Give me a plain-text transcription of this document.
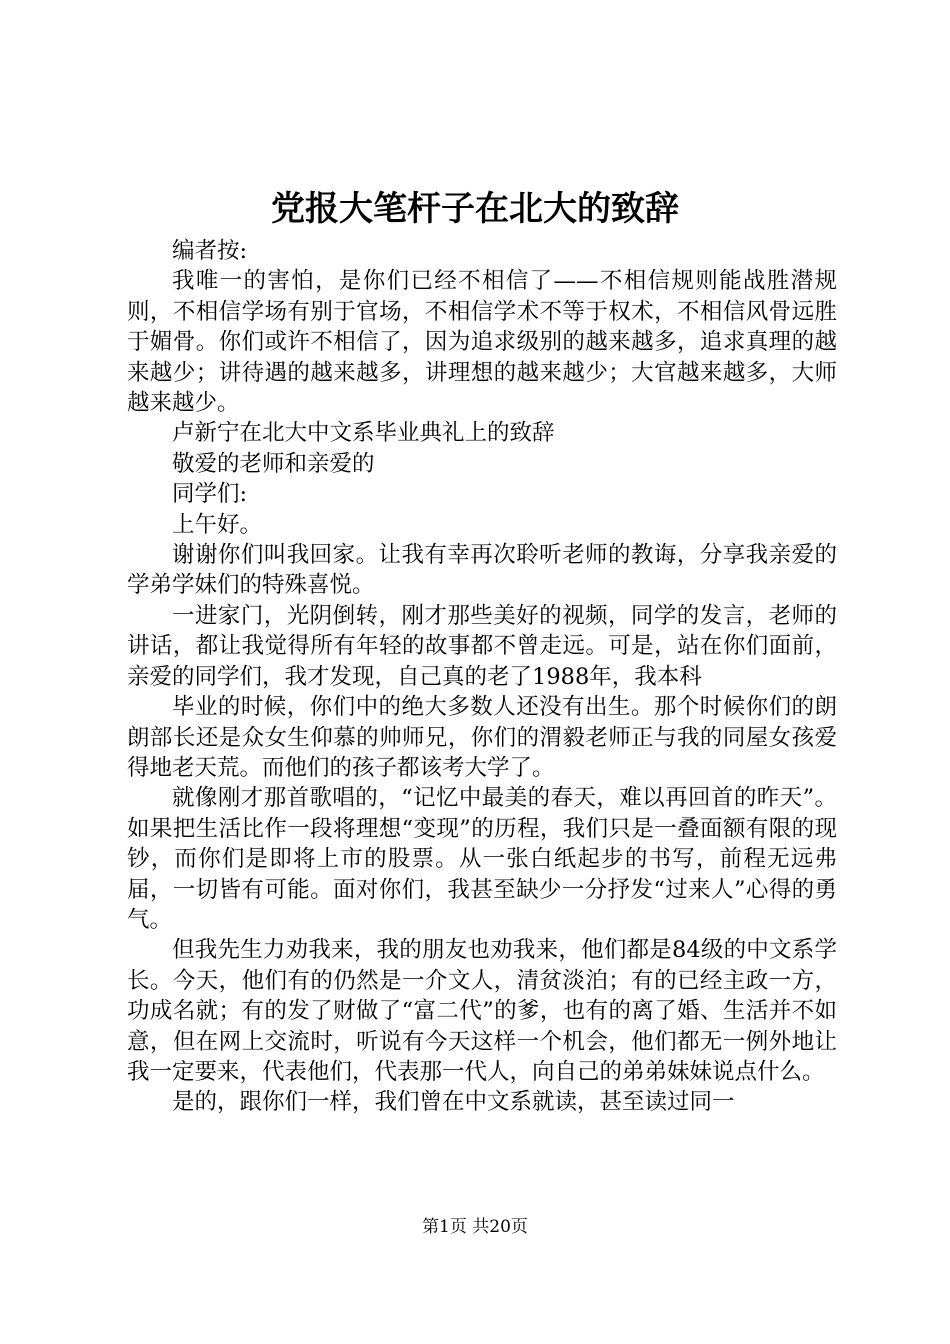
党报大笔杆子在北大的致辞

编者按:

我唯一的害怕，是你们已经不相信了——不相信规则能战胜潜规则，不相信学场有别于官场，不相信学术不等于权术，不相信风骨远胜于媚骨。你们或许不相信了，因为追求级别的越来越多，追求真理的越来越少；讲待遇的越来越多，讲理想的越来越少；大官越来越多，大师越来越少。

卢新宁在北大中文系毕业典礼上的致辞

敬爱的老师和亲爱的

同学们:

上午好。

谢谢你们叫我回家。让我有幸再次聆听老师的教诲，分享我亲爱的学弟学妹们的特殊喜悦。

一进家门，光阴倒转，刚才那些美好的视频，同学的发言，老师的讲话，都让我觉得所有年轻的故事都不曾走远。可是，站在你们面前，亲爱的同学们，我才发现，自己真的老了1988年，我本科

毕业的时候，你们中的绝大多数人还没有出生。那个时候你们的朗朗部长还是众女生仰慕的帅师兄，你们的渭毅老师正与我的同屋女孩爱得地老天荒。而他们的孩子都该考大学了。

就像刚才那首歌唱的，“记忆中最美的春天，难以再回首的昨天”。如果把生活比作一段将理想“变现”的历程，我们只是一叠面额有限的现钞，而你们是即将上市的股票。从一张白纸起步的书写，前程无远弗届，一切皆有可能。面对你们，我甚至缺少一分抒发“过来人”心得的勇气。

但我先生力劝我来，我的朋友也劝我来，他们都是84级的中文系学长。今天，他们有的仍然是一介文人，清贫淡泊；有的已经主政一方，功成名就；有的发了财做了“富二代”的爹，也有的离了婚、生活并不如意，但在网上交流时，听说有今天这样一个机会，他们都无一例外地让我一定要来，代表他们，代表那一代人，向自己的弟弟妹妹说点什么。

是的，跟你们一样，我们曾在中文系就读，甚至读过同一

第1页 共20页
